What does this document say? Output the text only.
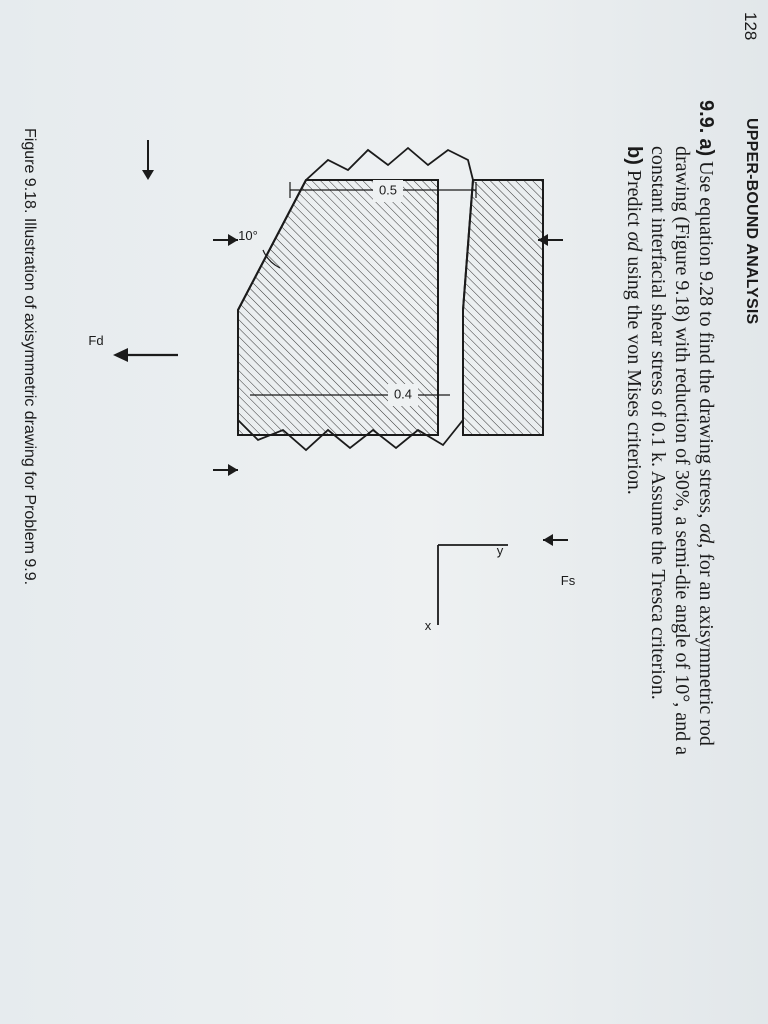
128
UPPER-BOUND ANALYSIS
9.9. a) Use equation 9.28 to find the drawing stress, σd, for an axisymmetric rod
drawing (Figure 9.18) with reduction of 30%, a semi-die angle of 10°, and a
constant interfacial shear stress of 0.1 k. Assume the Tresca criterion.
b) Predict σd using the von Mises criterion.
0.5
0.4
10°
Fd
Fs
y
x
Figure 9.18. Illustration of axisymmetric drawing for Problem 9.9.
